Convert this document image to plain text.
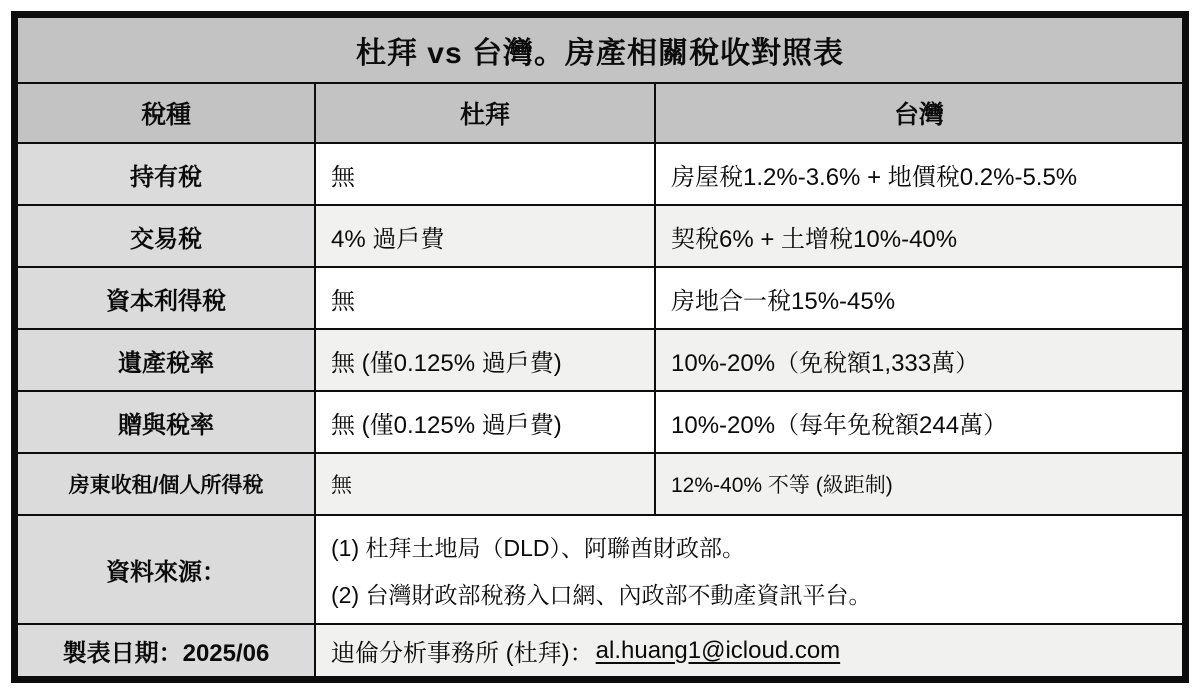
杜拜 vs 台灣。房產相關稅收對照表
稅種	杜拜	台灣
持有稅	無	房屋稅1.2%-3.6% + 地價稅0.2%-5.5%
交易稅	4% 過戶費	契稅6% + 土增稅10%-40%
資本利得稅	無	房地合一稅15%-45%
遺產稅率	無 (僅0.125% 過戶費)	10%-20%（免稅額1,333萬）
贈與稅率	無 (僅0.125% 過戶費)	10%-20%（每年免稅額244萬）
房東收租/個人所得稅	無	12%-40% 不等 (級距制)
資料來源：
(1) 杜拜土地局（DLD）、阿聯酋財政部。
(2) 台灣財政部稅務入口網、內政部不動產資訊平台。
製表日期：2025/06	迪倫分析事務所 (杜拜)： al.huang1@icloud.com
